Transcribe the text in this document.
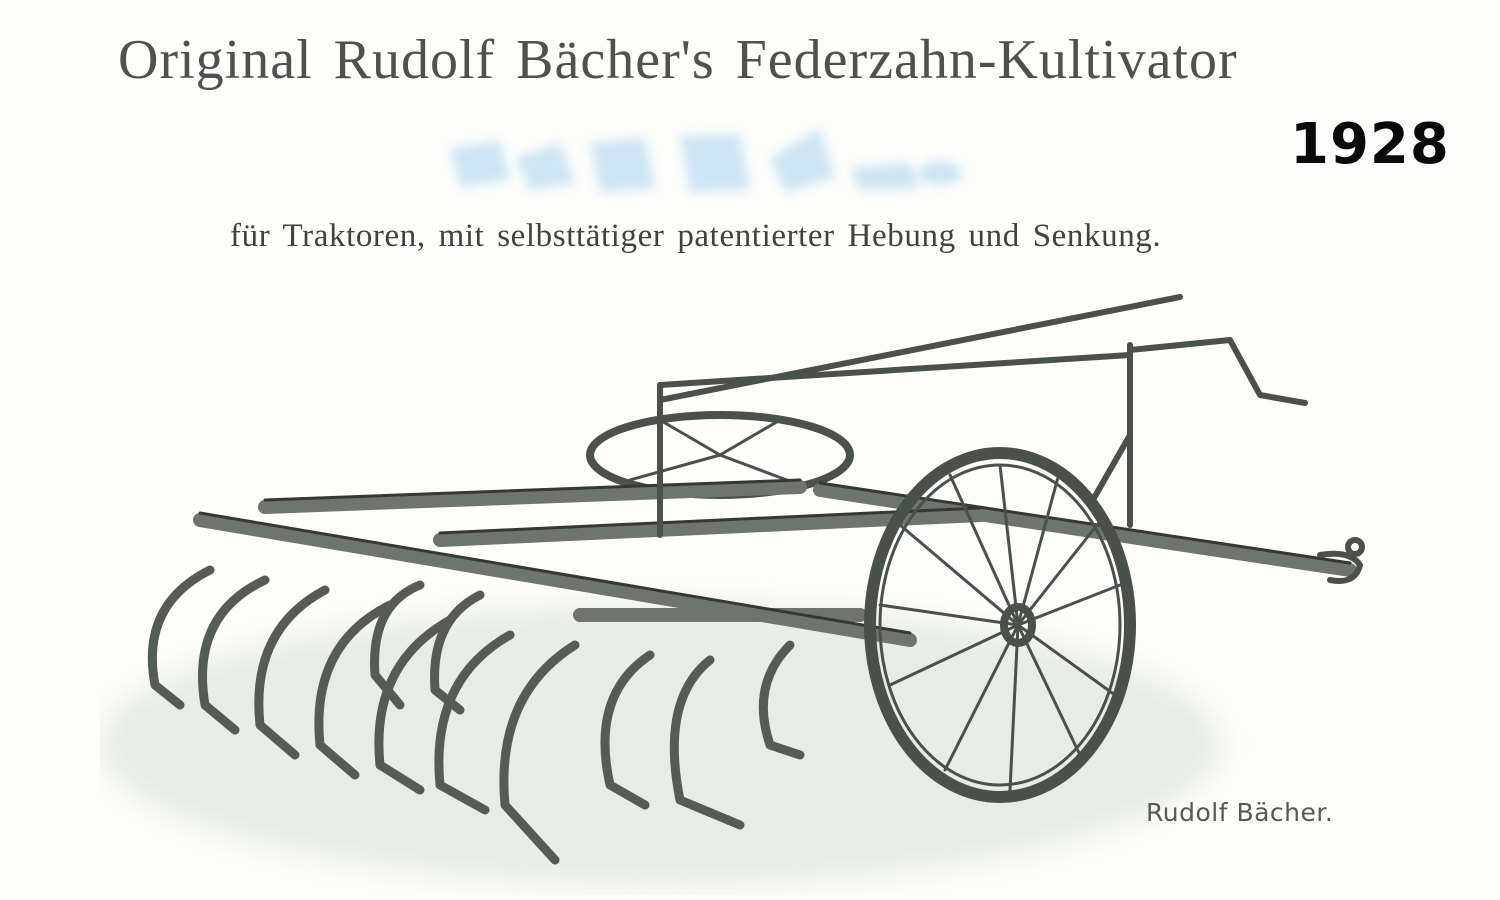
Original Rudolf Bächer's Federzahn-Kultivator
1928
für Traktoren, mit selbsttätiger patentierter Hebung und Senkung.
Rudolf Bächer.
